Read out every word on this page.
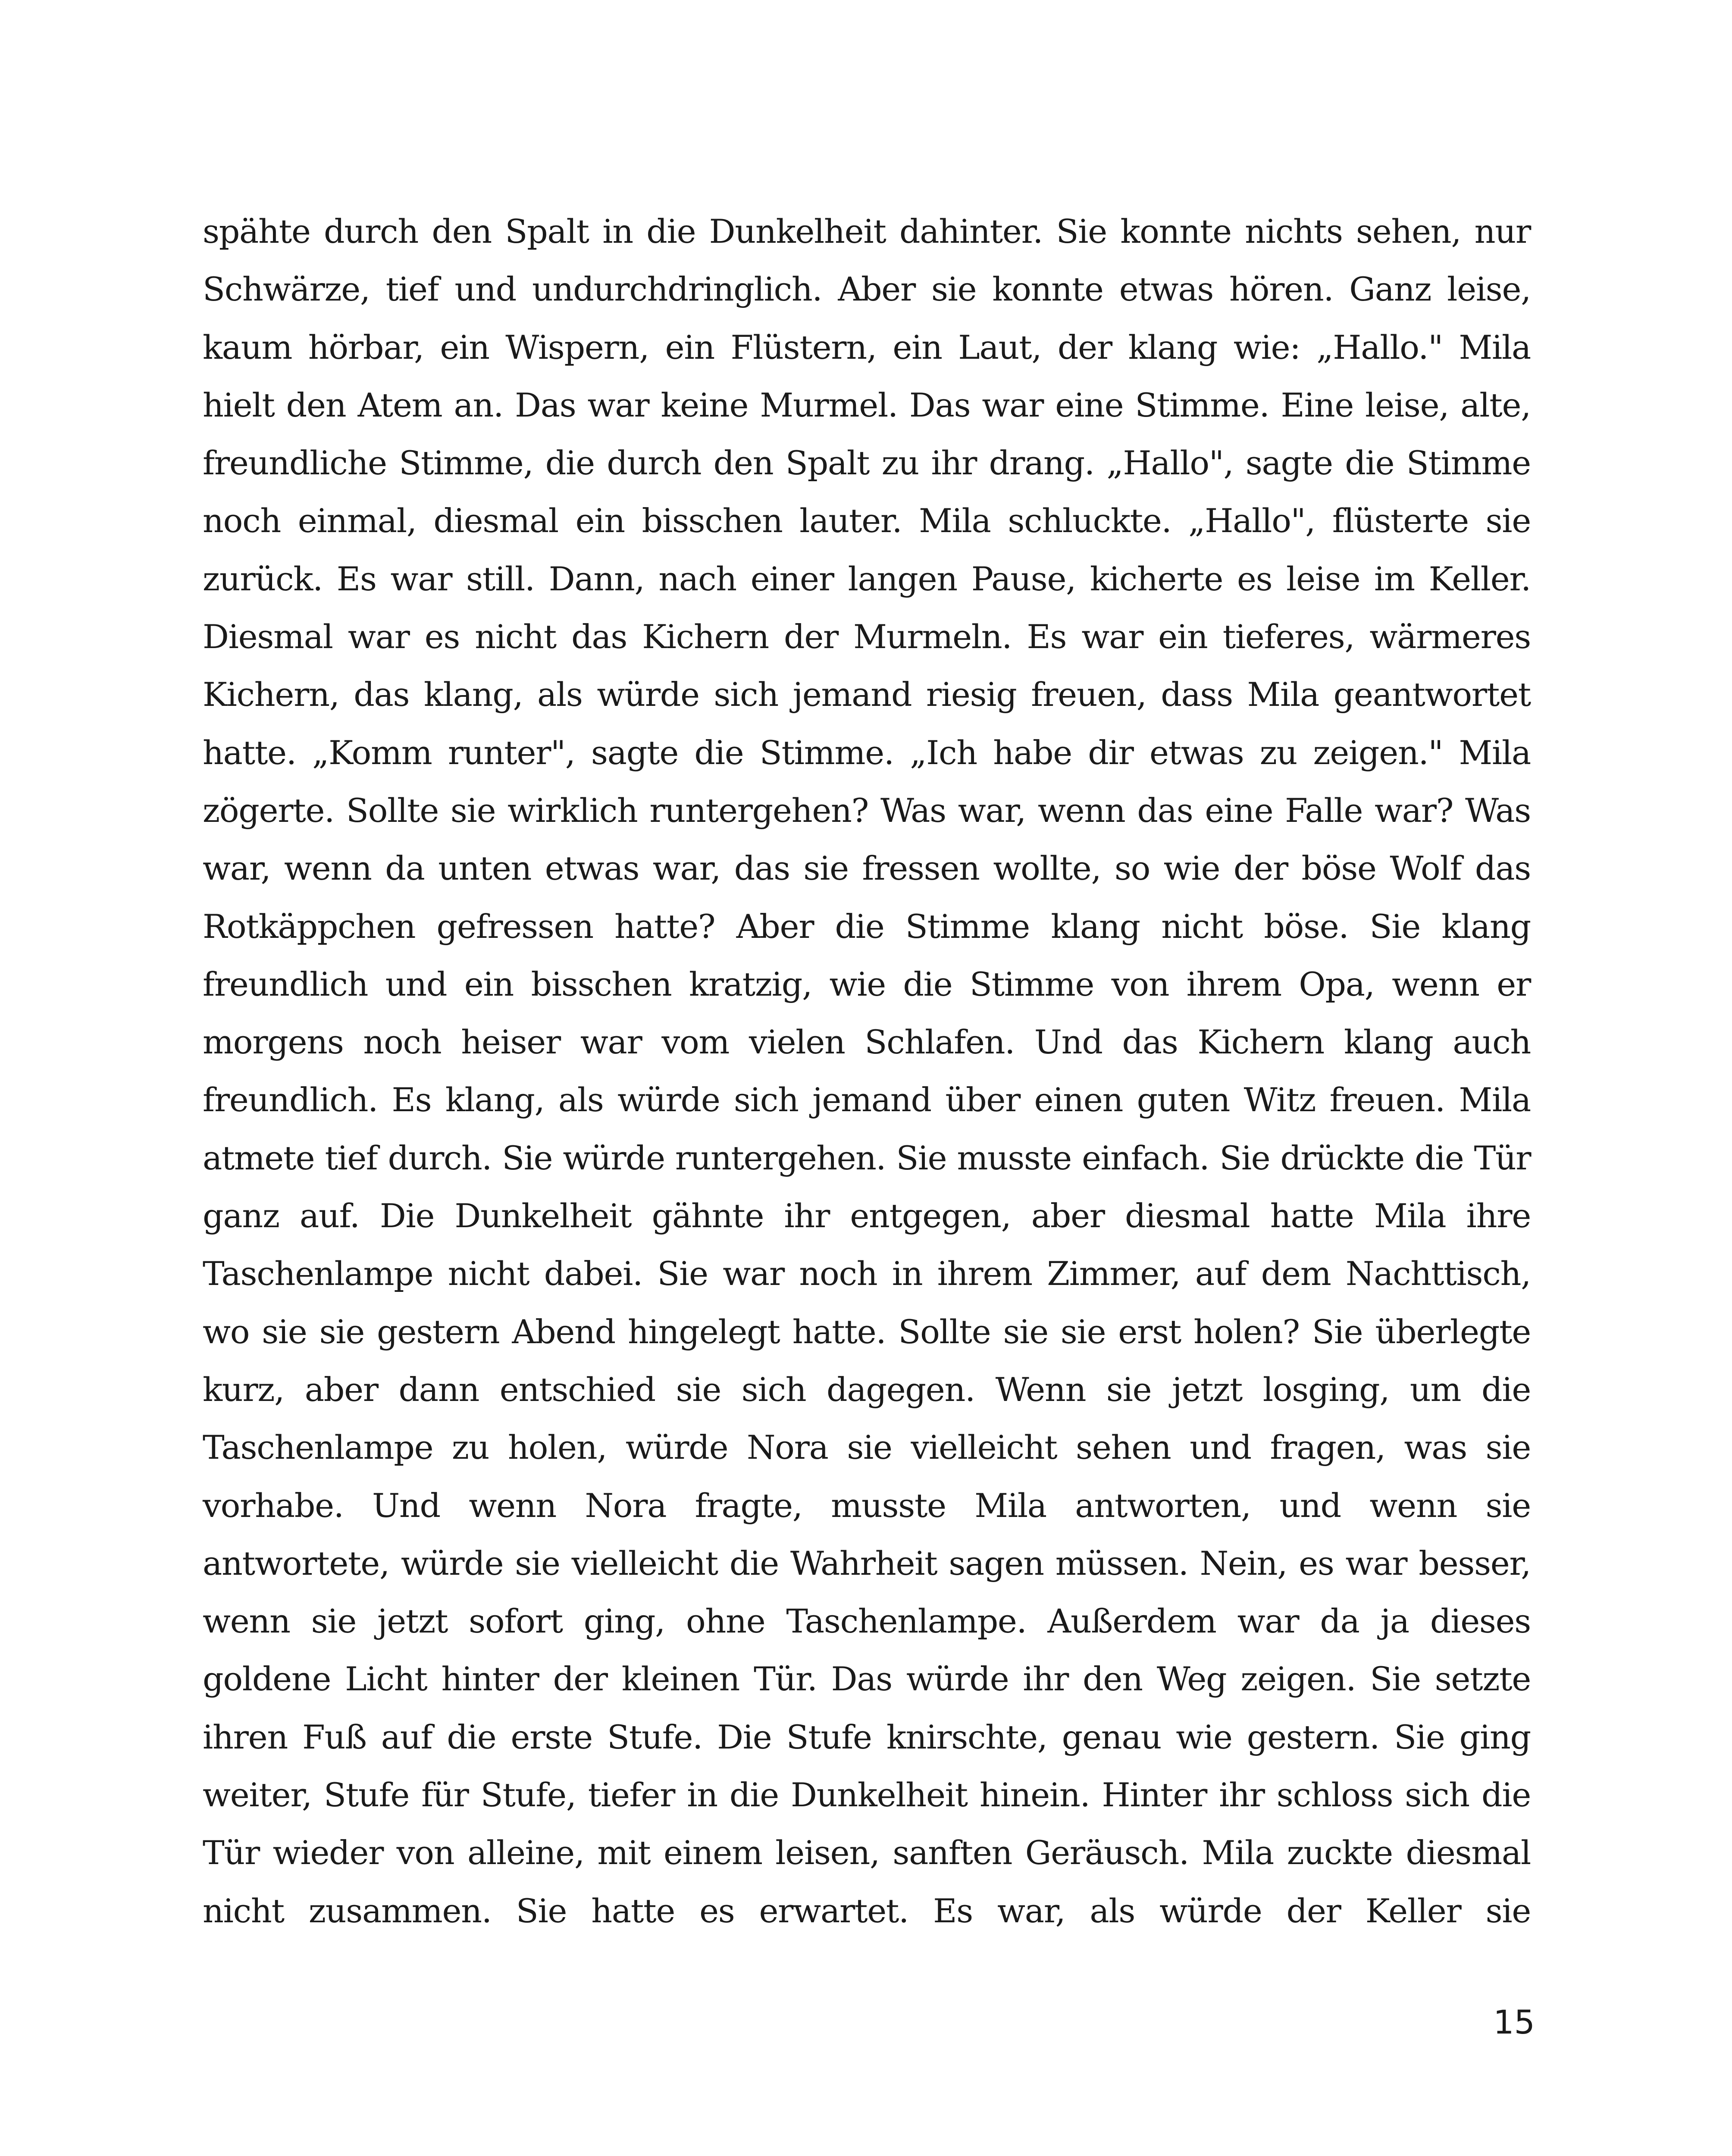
spähte durch den Spalt in die Dunkelheit dahinter. Sie konnte nichts sehen, nur
Schwärze, tief und undurchdringlich. Aber sie konnte etwas hören. Ganz leise,
kaum hörbar, ein Wispern, ein Flüstern, ein Laut, der klang wie: „Hallo." Mila
hielt den Atem an. Das war keine Murmel. Das war eine Stimme. Eine leise, alte,
freundliche Stimme, die durch den Spalt zu ihr drang. „Hallo", sagte die Stimme
noch einmal, diesmal ein bisschen lauter. Mila schluckte. „Hallo", flüsterte sie
zurück. Es war still. Dann, nach einer langen Pause, kicherte es leise im Keller.
Diesmal war es nicht das Kichern der Murmeln. Es war ein tieferes, wärmeres
Kichern, das klang, als würde sich jemand riesig freuen, dass Mila geantwortet
hatte. „Komm runter", sagte die Stimme. „Ich habe dir etwas zu zeigen." Mila
zögerte. Sollte sie wirklich runtergehen? Was war, wenn das eine Falle war? Was
war, wenn da unten etwas war, das sie fressen wollte, so wie der böse Wolf das
Rotkäppchen gefressen hatte? Aber die Stimme klang nicht böse. Sie klang
freundlich und ein bisschen kratzig, wie die Stimme von ihrem Opa, wenn er
morgens noch heiser war vom vielen Schlafen. Und das Kichern klang auch
freundlich. Es klang, als würde sich jemand über einen guten Witz freuen. Mila
atmete tief durch. Sie würde runtergehen. Sie musste einfach. Sie drückte die Tür
ganz auf. Die Dunkelheit gähnte ihr entgegen, aber diesmal hatte Mila ihre
Taschenlampe nicht dabei. Sie war noch in ihrem Zimmer, auf dem Nachttisch,
wo sie sie gestern Abend hingelegt hatte. Sollte sie sie erst holen? Sie überlegte
kurz, aber dann entschied sie sich dagegen. Wenn sie jetzt losging, um die
Taschenlampe zu holen, würde Nora sie vielleicht sehen und fragen, was sie
vorhabe. Und wenn Nora fragte, musste Mila antworten, und wenn sie
antwortete, würde sie vielleicht die Wahrheit sagen müssen. Nein, es war besser,
wenn sie jetzt sofort ging, ohne Taschenlampe. Außerdem war da ja dieses
goldene Licht hinter der kleinen Tür. Das würde ihr den Weg zeigen. Sie setzte
ihren Fuß auf die erste Stufe. Die Stufe knirschte, genau wie gestern. Sie ging
weiter, Stufe für Stufe, tiefer in die Dunkelheit hinein. Hinter ihr schloss sich die
Tür wieder von alleine, mit einem leisen, sanften Geräusch. Mila zuckte diesmal
nicht zusammen. Sie hatte es erwartet. Es war, als würde der Keller sie
15
